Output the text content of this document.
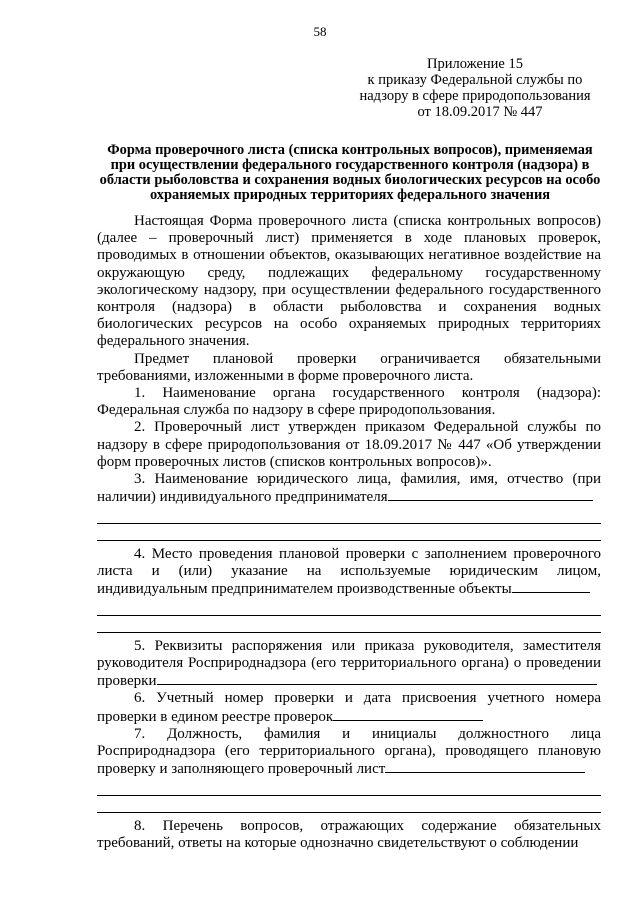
58
Приложение 15
к приказу Федеральной службы по
надзору в сфере природопользования
от 18.09.2017 № 447
Форма проверочного листа (списка контрольных вопросов), применяемая при осуществлении федерального государственного контроля (надзора) в области рыболовства и сохранения водных биологических ресурсов на особо охраняемых природных территориях федерального значения

Настоящая Форма проверочного листа (списка контрольных вопросов) (далее – проверочный лист) применяется в ходе плановых проверок, проводимых в отношении объектов, оказывающих негативное воздействие на окружающую среду, подлежащих федеральному государственному экологическому надзору, при осуществлении федерального государственного контроля (надзора) в области рыболовства и сохранения водных биологических ресурсов на особо охраняемых природных территориях федерального значения.

Предмет плановой проверки ограничивается обязательными требованиями, изложенными в форме проверочного листа.

1. Наименование органа государственного контроля (надзора): Федеральная служба по надзору в сфере природопользования.

2. Проверочный лист утвержден приказом Федеральной службы по надзору в сфере природопользования от 18.09.2017 № 447 «Об утверждении форм проверочных листов (списков контрольных вопросов)».

3. Наименование юридического лица, фамилия, имя, отчество (при наличии) индивидуального предпринимателя

4. Место проведения плановой проверки с заполнением проверочного листа и (или) указание на используемые юридическим лицом, индивидуальным предпринимателем производственные объекты

5. Реквизиты распоряжения или приказа руководителя, заместителя руководителя Росприроднадзора (его территориального органа) о проведении проверки

6. Учетный номер проверки и дата присвоения учетного номера проверки в едином реестре проверок

7. Должность, фамилия и инициалы должностного лица Росприроднадзора (его территориального органа), проводящего плановую проверку и заполняющего проверочный лист

8. Перечень вопросов, отражающих содержание обязательных требований, ответы на которые однозначно свидетельствуют о соблюдении
